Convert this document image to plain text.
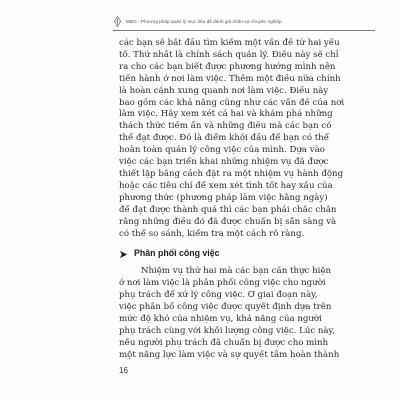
MBO - Phương pháp quản lý mục tiêu để đánh giá nhân sự chuyên nghiệp

các bạn sẽ bắt đầu tìm kiếm một vấn đề từ hai yếu
tố. Thứ nhất là chính sách quản lý. Điều này sẽ chỉ
ra cho các bạn biết được phương hướng mình nên
tiến hành ở nơi làm việc. Thêm một điều nữa chính
là hoàn cảnh xung quanh nơi làm việc. Điều này
bao gồm các khả năng cũng như các vấn đề của nơi
làm việc. Hãy xem xét cả hai và khám phá những
thách thức tiềm ẩn và những điều mà các bạn có
thể đạt được. Đó là điểm khởi đầu để bạn có thể
hoàn toàn quản lý công việc của mình. Dựa vào
việc các bạn triển khai những nhiệm vụ đã được
thiết lập bằng cách đặt ra một nhiệm vụ hành động
hoặc các tiêu chí để xem xét tình tốt hay xấu của
phương thức (phương pháp làm việc hằng ngày)
để đạt được thành quả thì các bạn phải chắc chắn
rằng những điều đó đã được chuẩn bị sẵn sàng và
có thể so sánh, kiểm tra một cách rõ ràng.

Phân phối công việc

Nhiệm vụ thứ hai mà các bạn cần thực hiện
ở nơi làm việc là phân phối công việc cho người
phụ trách để xử lý công việc. Ở giai đoạn này,
việc phân bổ công việc được quyết định dựa trên
mức độ khó của nhiệm vụ, khả năng của người
phụ trách cùng với khối lượng công việc. Lúc này,
nếu người phụ trách đã chuẩn bị được cho mình
một năng lực làm việc và sự quyết tâm hoàn thành

16
